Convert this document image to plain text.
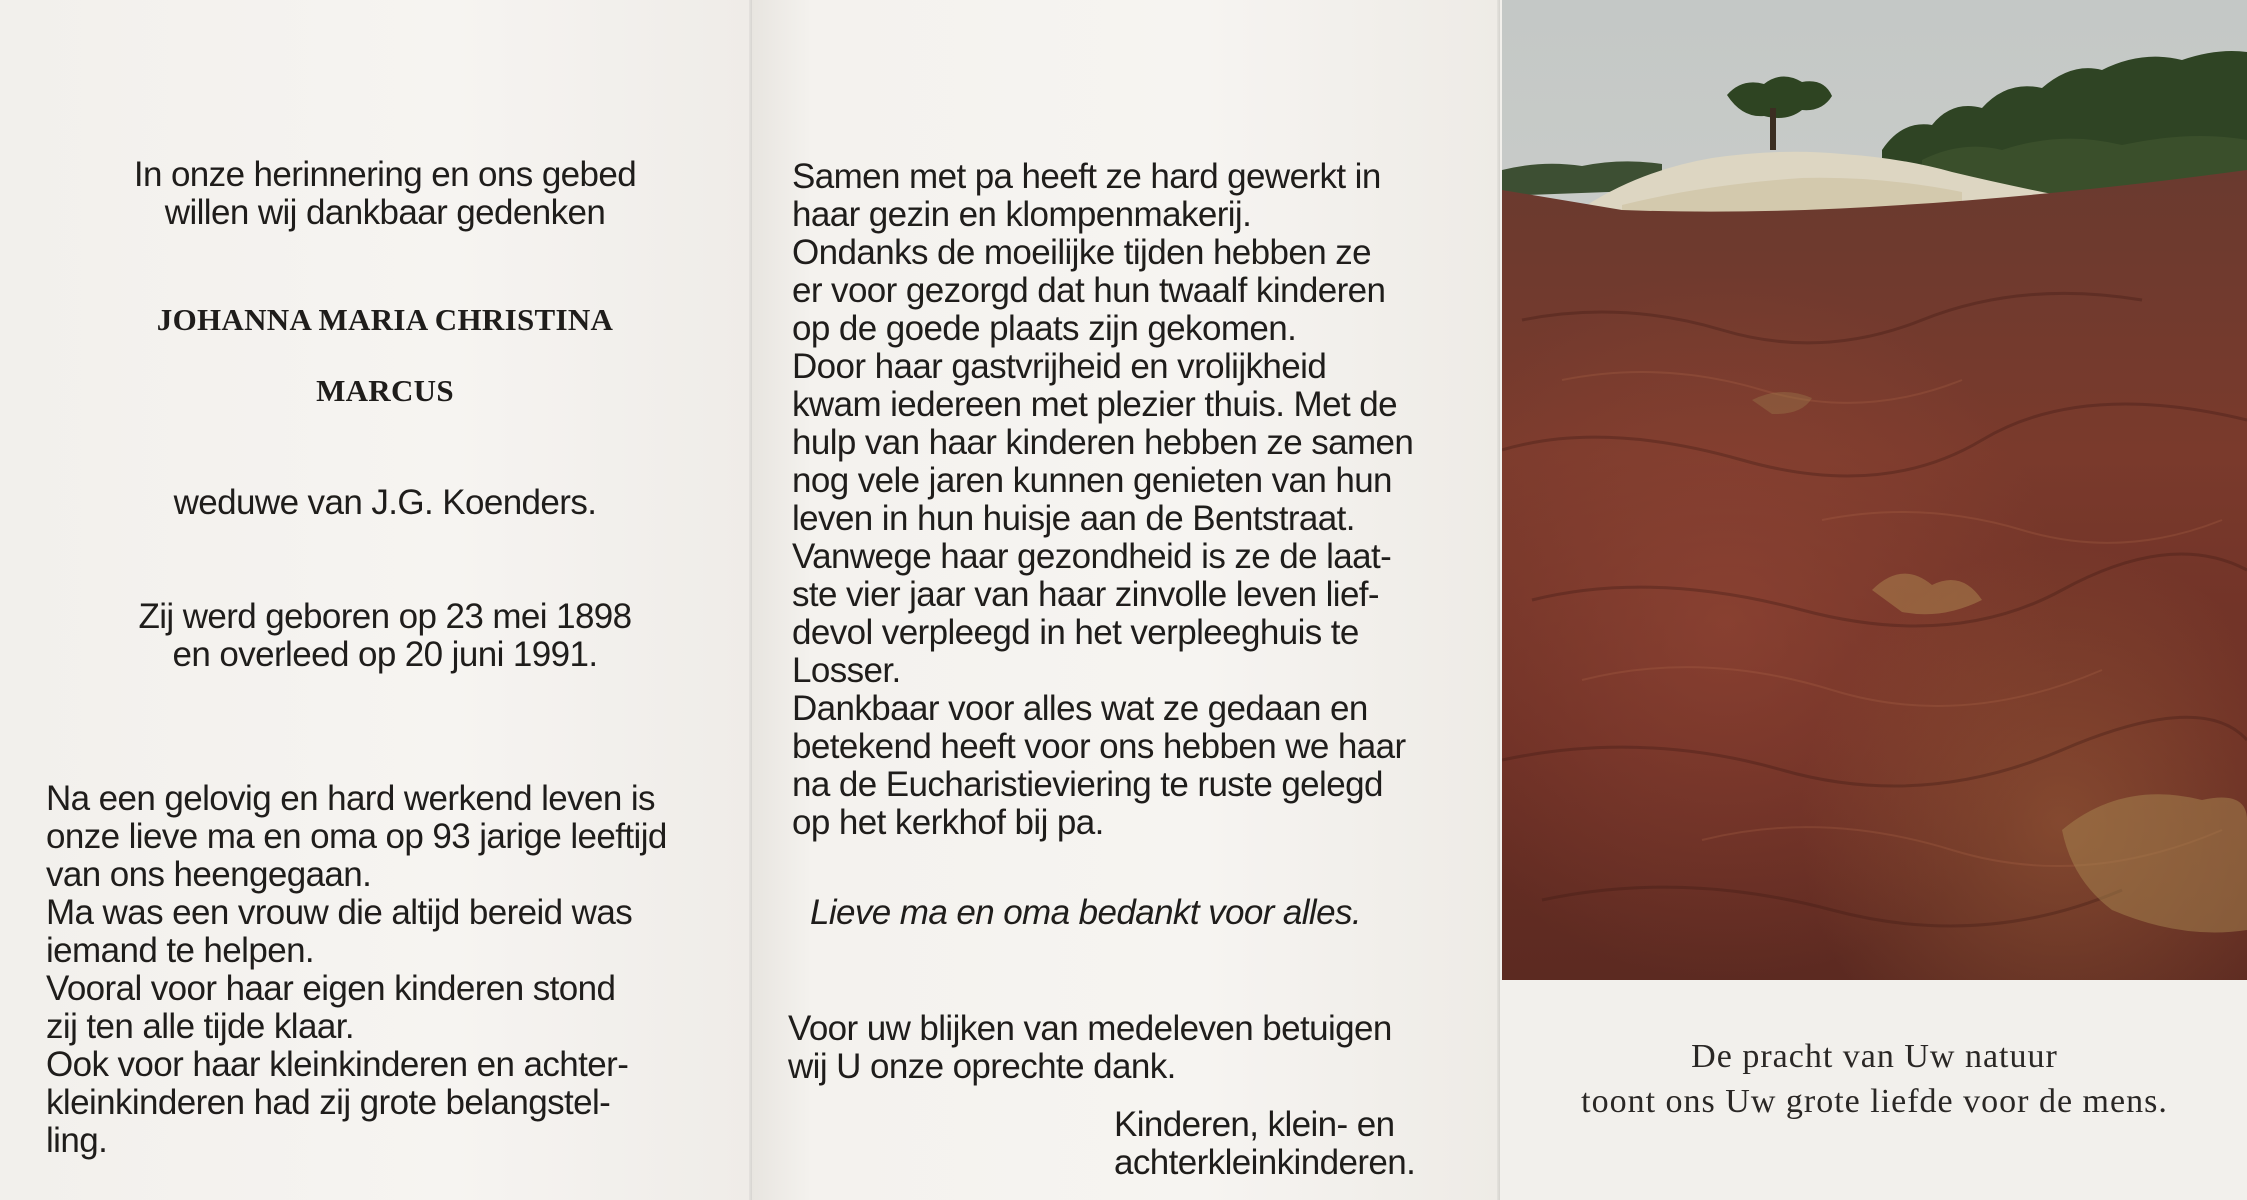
In onze herinnering en ons gebed
willen wij dankbaar gedenken

JOHANNA MARIA CHRISTINA

MARCUS

weduwe van J.G. Koenders.
Zij werd geboren op 23 mei 1898
en overleed op 20 juni 1991.
Na een gelovig en hard werkend leven is
onze lieve ma en oma op 93 jarige leeftijd
van ons heengegaan.
Ma was een vrouw die altijd bereid was
iemand te helpen.
Vooral voor haar eigen kinderen stond
zij ten alle tijde klaar.
Ook voor haar kleinkinderen en achter-
kleinkinderen had zij grote belangstel-
ling.
Samen met pa heeft ze hard gewerkt in
haar gezin en klompenmakerij.
Ondanks de moeilijke tijden hebben ze
er voor gezorgd dat hun twaalf kinderen
op de goede plaats zijn gekomen.
Door haar gastvrijheid en vrolijkheid
kwam iedereen met plezier thuis. Met de
hulp van haar kinderen hebben ze samen
nog vele jaren kunnen genieten van hun
leven in hun huisje aan de Bentstraat.
Vanwege haar gezondheid is ze de laat-
ste vier jaar van haar zinvolle leven lief-
devol verpleegd in het verpleeghuis te
Losser.
Dankbaar voor alles wat ze gedaan en
betekend heeft voor ons hebben we haar
na de Eucharistieviering te ruste gelegd
op het kerkhof bij pa.
Lieve ma en oma bedankt voor alles.
Voor uw blijken van medeleven betuigen
wij U onze oprechte dank.
Kinderen, klein- en
achterkleinkinderen.
De pracht van Uw natuur
toont ons Uw grote liefde voor de mens.
